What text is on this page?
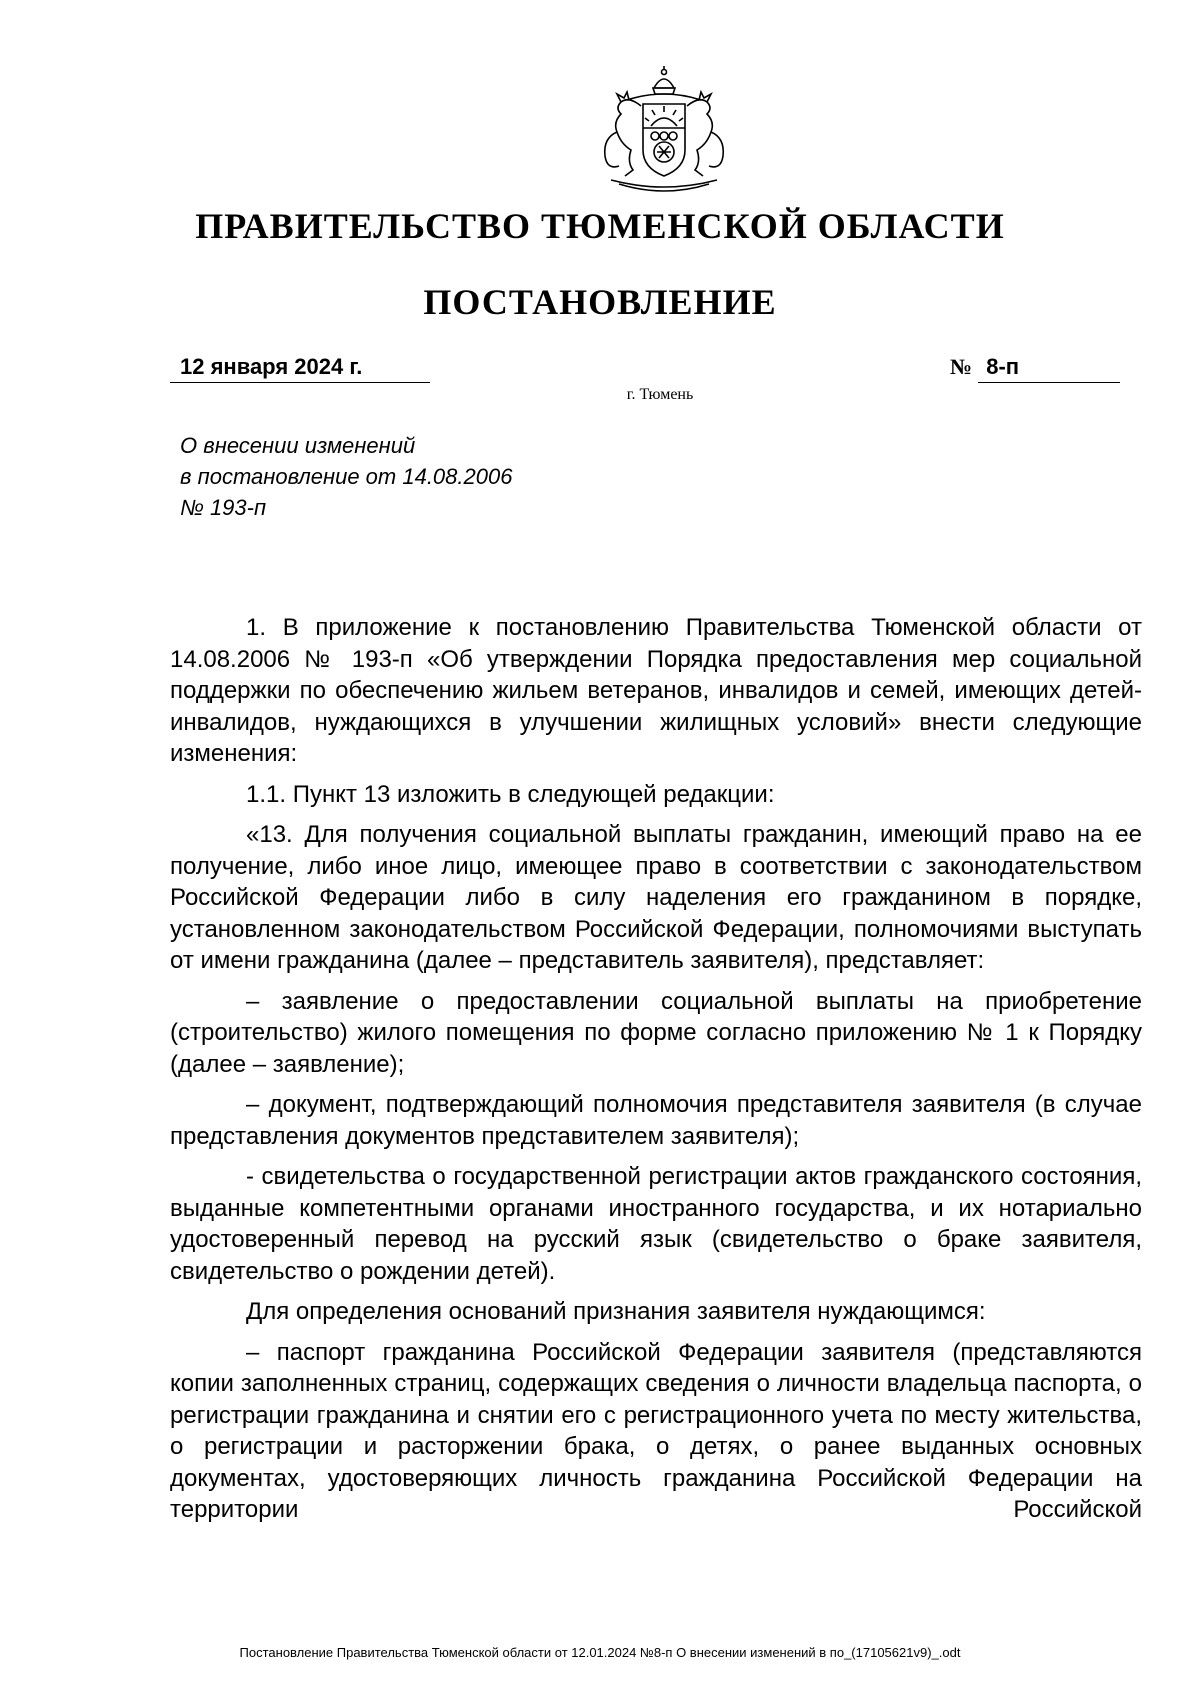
ПРАВИТЕЛЬСТВО ТЮМЕНСКОЙ ОБЛАСТИ
ПОСТАНОВЛЕНИЕ
12 января 2024 г.	№ 8-п
г. Тюмень
О внесении изменений
в постановление от 14.08.2006
№ 193-п

1. В приложение к постановлению Правительства Тюменской области от 14.08.2006 № 193-п «Об утверждении Порядка предоставления мер социальной поддержки по обеспечению жильем ветеранов, инвалидов и семей, имеющих детей-инвалидов, нуждающихся в улучшении жилищных условий» внести следующие изменения:

1.1. Пункт 13 изложить в следующей редакции:

«13. Для получения социальной выплаты гражданин, имеющий право на ее получение, либо иное лицо, имеющее право в соответствии с законодательством Российской Федерации либо в силу наделения его гражданином в порядке, установленном законодательством Российской Федерации, полномочиями выступать от имени гражданина (далее – представитель заявителя), представляет:

– заявление о предоставлении социальной выплаты на приобретение (строительство) жилого помещения по форме согласно приложению № 1 к Порядку (далее – заявление);

– документ, подтверждающий полномочия представителя заявителя (в случае представления документов представителем заявителя);

- свидетельства о государственной регистрации актов гражданского состояния, выданные компетентными органами иностранного государства, и их нотариально удостоверенный перевод на русский язык (свидетельство о браке заявителя, свидетельство о рождении детей).

Для определения оснований признания заявителя нуждающимся:

– паспорт гражданина Российской Федерации заявителя (представляются копии заполненных страниц, содержащих сведения о личности владельца паспорта, о регистрации гражданина и снятии его с регистрационного учета по месту жительства, о регистрации и расторжении брака, о детях, о ранее выданных основных документах, удостоверяющих личность гражданина Российской Федерации на территории Российской

Постановление Правительства Тюменской области от 12.01.2024 №8-п О внесении изменений в по_(17105621v9)_.odt
